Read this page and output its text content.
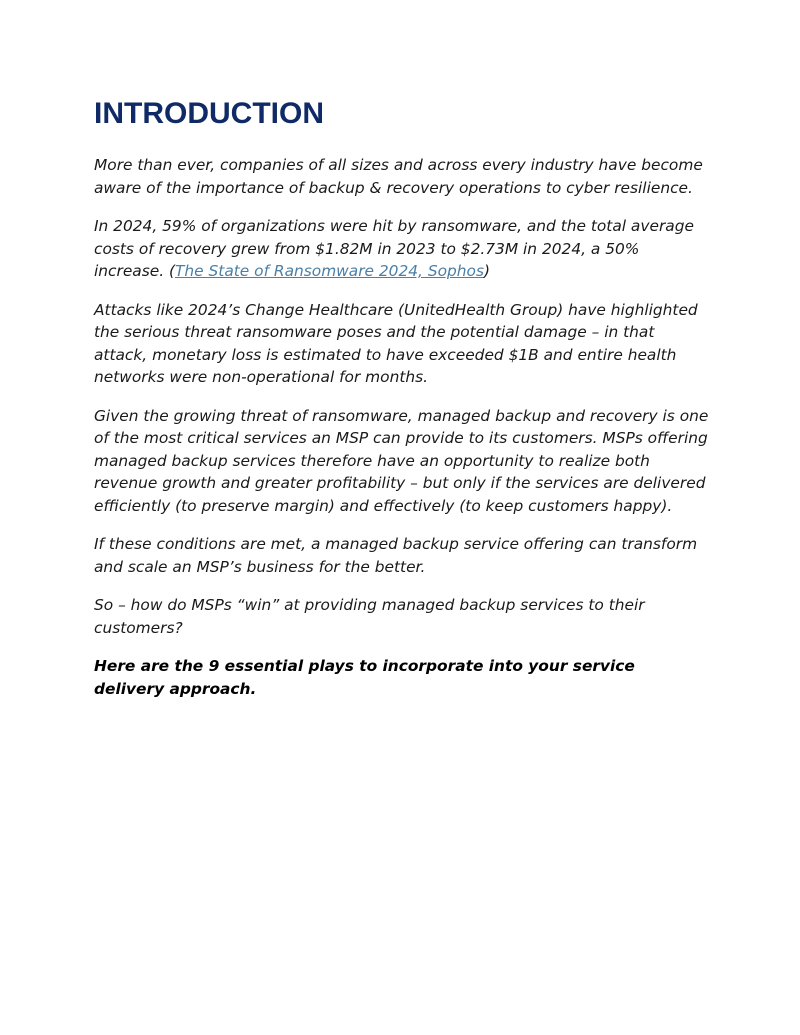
INTRODUCTION

More than ever, companies of all sizes and across every industry have become aware of the importance of backup & recovery operations to cyber resilience.

In 2024, 59% of organizations were hit by ransomware, and the total average costs of recovery grew from $1.82M in 2023 to $2.73M in 2024, a 50% increase. (The State of Ransomware 2024, Sophos)

Attacks like 2024’s Change Healthcare (UnitedHealth Group) have highlighted the serious threat ransomware poses and the potential damage – in that attack, monetary loss is estimated to have exceeded $1B and entire health networks were non-operational for months.

Given the growing threat of ransomware, managed backup and recovery is one of the most critical services an MSP can provide to its customers. MSPs offering managed backup services therefore have an opportunity to realize both revenue growth and greater profitability – but only if the services are delivered efficiently (to preserve margin) and effectively (to keep customers happy).

If these conditions are met, a managed backup service offering can transform and scale an MSP’s business for the better.

So – how do MSPs “win” at providing managed backup services to their customers?

Here are the 9 essential plays to incorporate into your service delivery approach.
